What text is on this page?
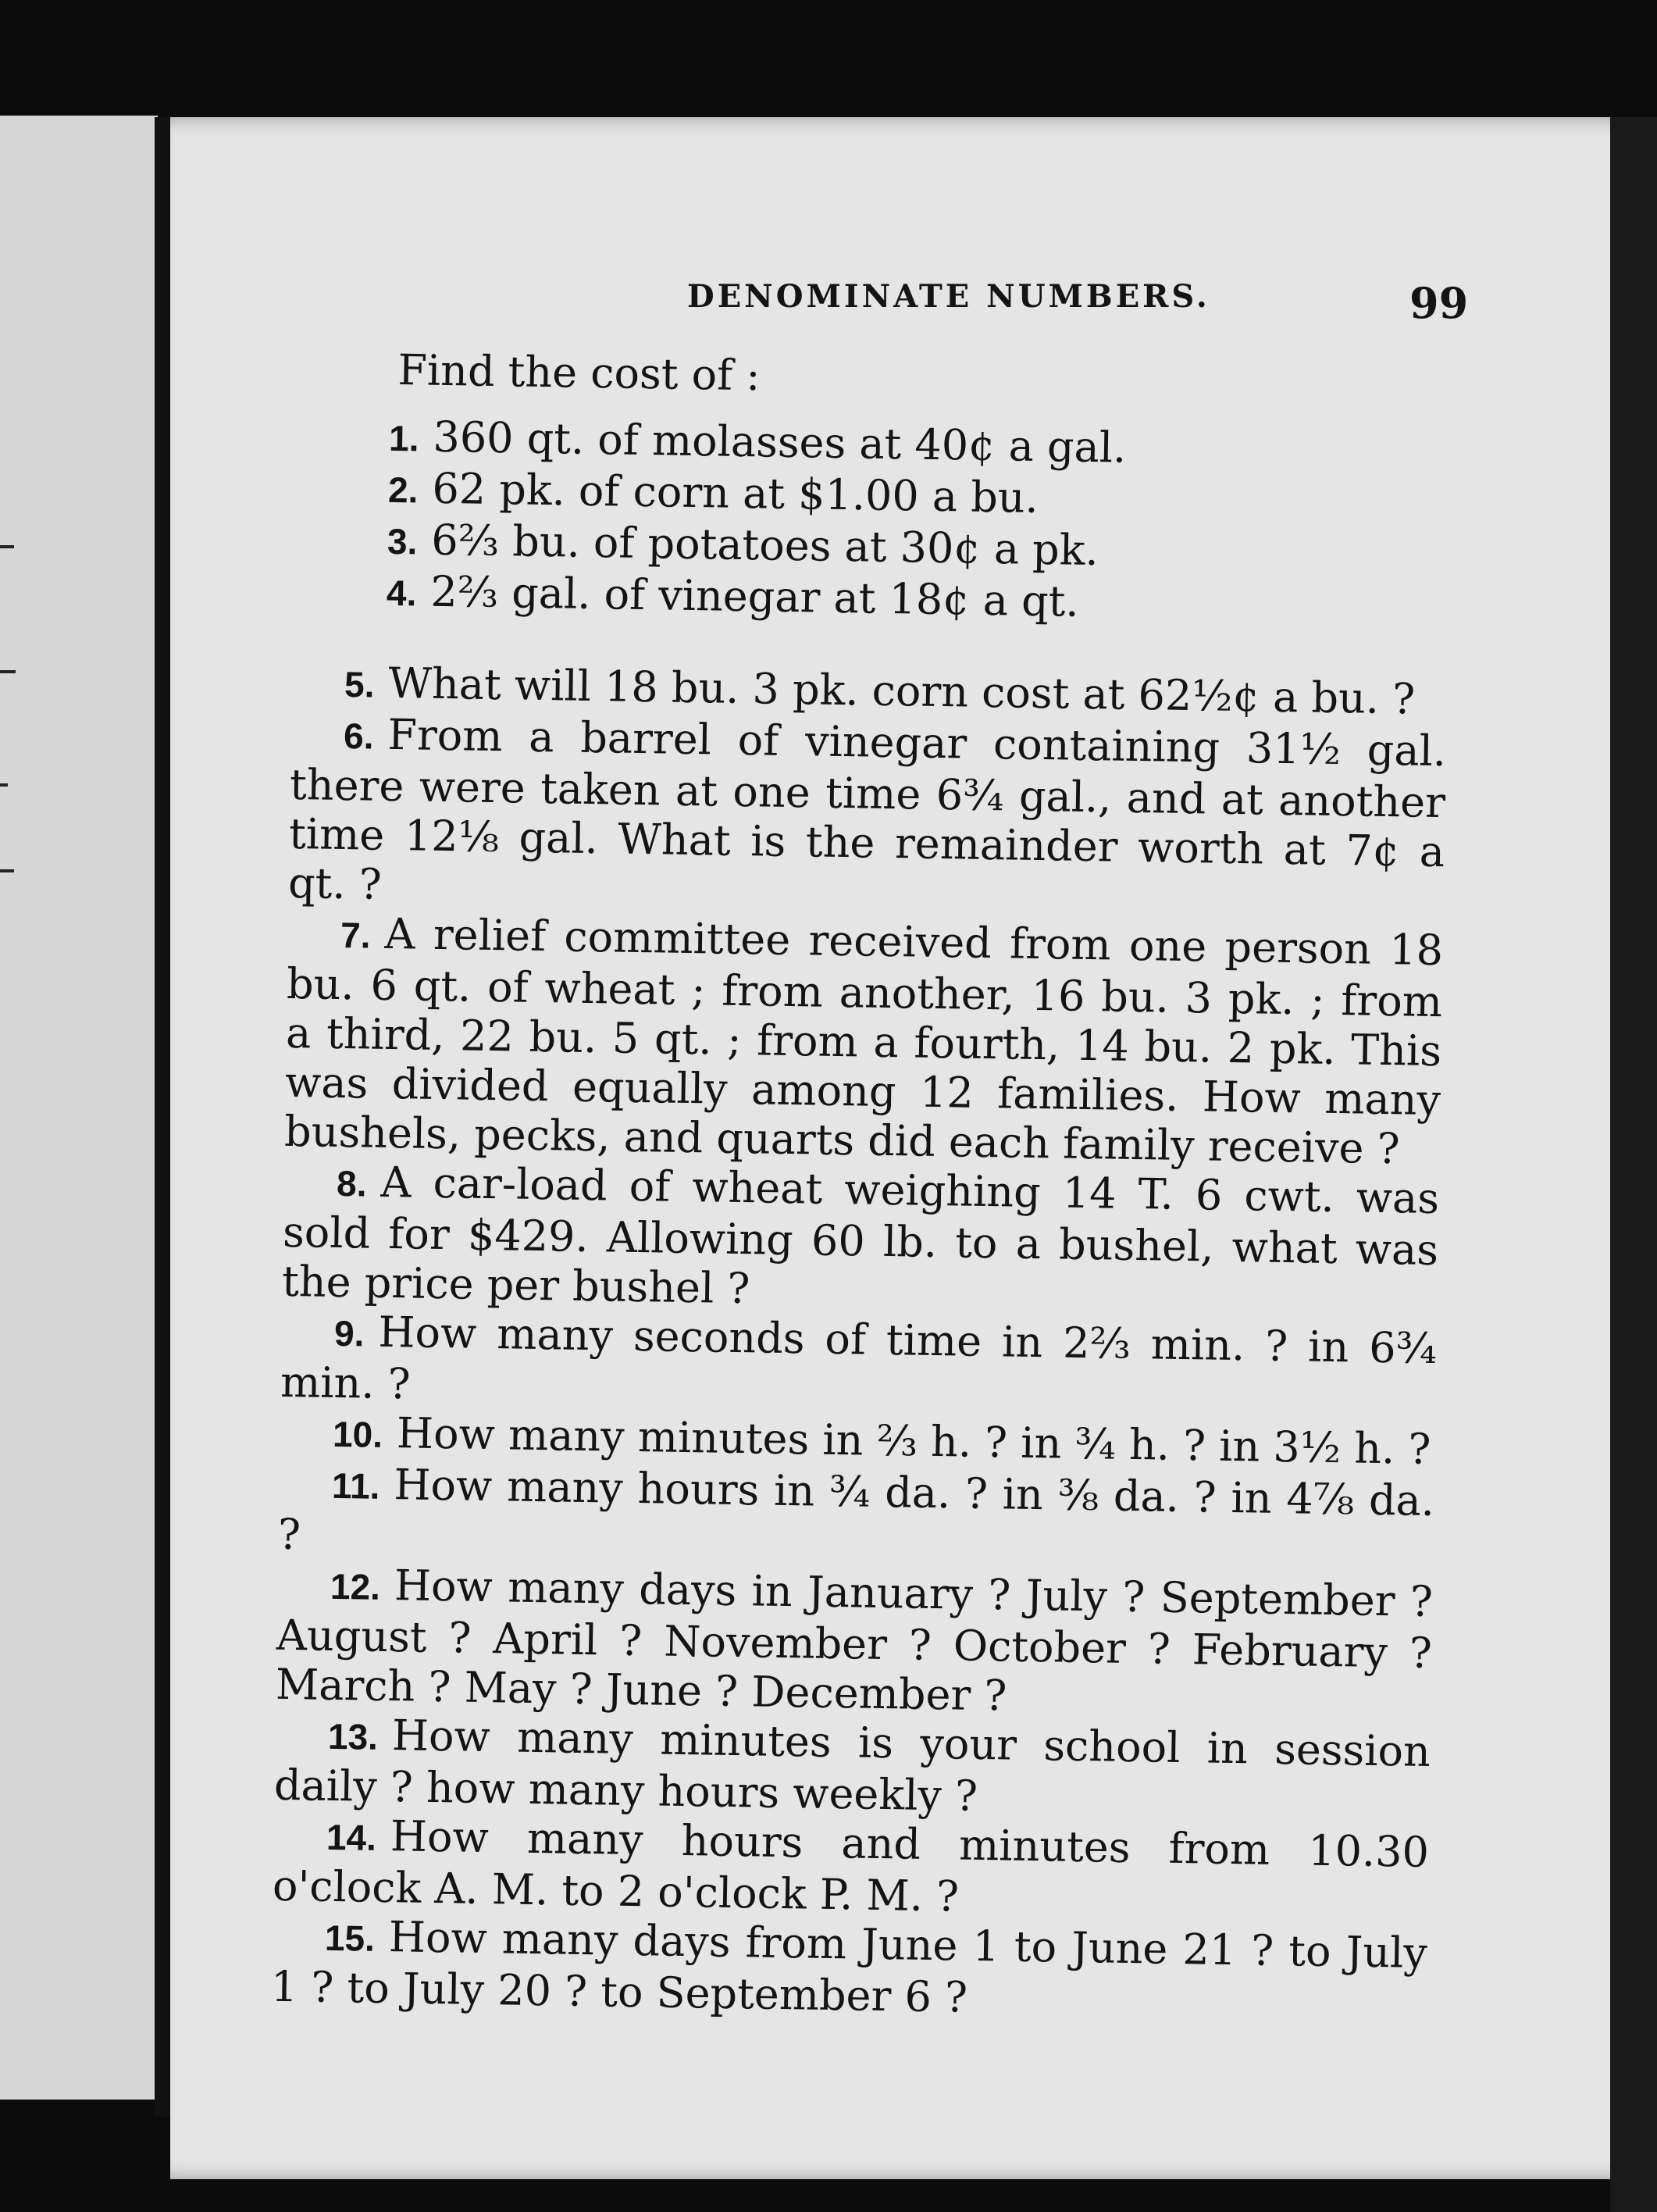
DENOMINATE NUMBERS.	99
Find the cost of :

1. 360 qt. of molasses at 40¢ a gal.

2. 62 pk. of corn at $1.00 a bu.

3. 6⅔ bu. of potatoes at 30¢ a pk.

4. 2⅔ gal. of vinegar at 18¢ a qt.

5. What will 18 bu. 3 pk. corn cost at 62½¢ a bu. ?

6. From a barrel of vinegar containing 31½ gal. there were taken at one time 6¾ gal., and at another time 12⅛ gal. What is the remainder worth at 7¢ a qt. ?

7. A relief committee received from one person 18 bu. 6 qt. of wheat ; from another, 16 bu. 3 pk. ; from a third, 22 bu. 5 qt. ; from a fourth, 14 bu. 2 pk. This was divided equally among 12 families. How many bushels, pecks, and quarts did each family receive ?

8. A car-load of wheat weighing 14 T. 6 cwt. was sold for $429. Allowing 60 lb. to a bushel, what was the price per bushel ?

9. How many seconds of time in 2⅔ min. ? in 6¾ min. ?

10. How many minutes in ⅔ h. ? in ¾ h. ? in 3½ h. ?

11. How many hours in ¾ da. ? in ⅜ da. ? in 4⅞ da. ?

12. How many days in January ? July ? September ? August ? April ? November ? October ? February ? March ? May ? June ? December ?

13. How many minutes is your school in session daily ? how many hours weekly ?

14. How many hours and minutes from 10.30 o'clock A. M. to 2 o'clock P. M. ?

15. How many days from June 1 to June 21 ? to July 1 ? to July 20 ? to September 6 ?
